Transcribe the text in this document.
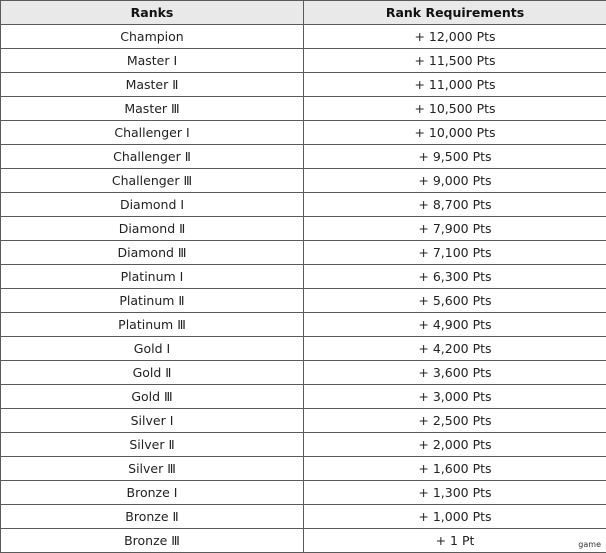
Ranks	Rank Requirements
Champion	+ 12,000 Pts
Master Ⅰ	+ 11,500 Pts
Master Ⅱ	+ 11,000 Pts
Master Ⅲ	+ 10,500 Pts
Challenger Ⅰ	+ 10,000 Pts
Challenger Ⅱ	+ 9,500 Pts
Challenger Ⅲ	+ 9,000 Pts
Diamond Ⅰ	+ 8,700 Pts
Diamond Ⅱ	+ 7,900 Pts
Diamond Ⅲ	+ 7,100 Pts
Platinum Ⅰ	+ 6,300 Pts
Platinum Ⅱ	+ 5,600 Pts
Platinum Ⅲ	+ 4,900 Pts
Gold Ⅰ	+ 4,200 Pts
Gold Ⅱ	+ 3,600 Pts
Gold Ⅲ	+ 3,000 Pts
Silver Ⅰ	+ 2,500 Pts
Silver Ⅱ	+ 2,000 Pts
Silver Ⅲ	+ 1,600 Pts
Bronze Ⅰ	+ 1,300 Pts
Bronze Ⅱ	+ 1,000 Pts
Bronze Ⅲ	+ 1 Pt	game
